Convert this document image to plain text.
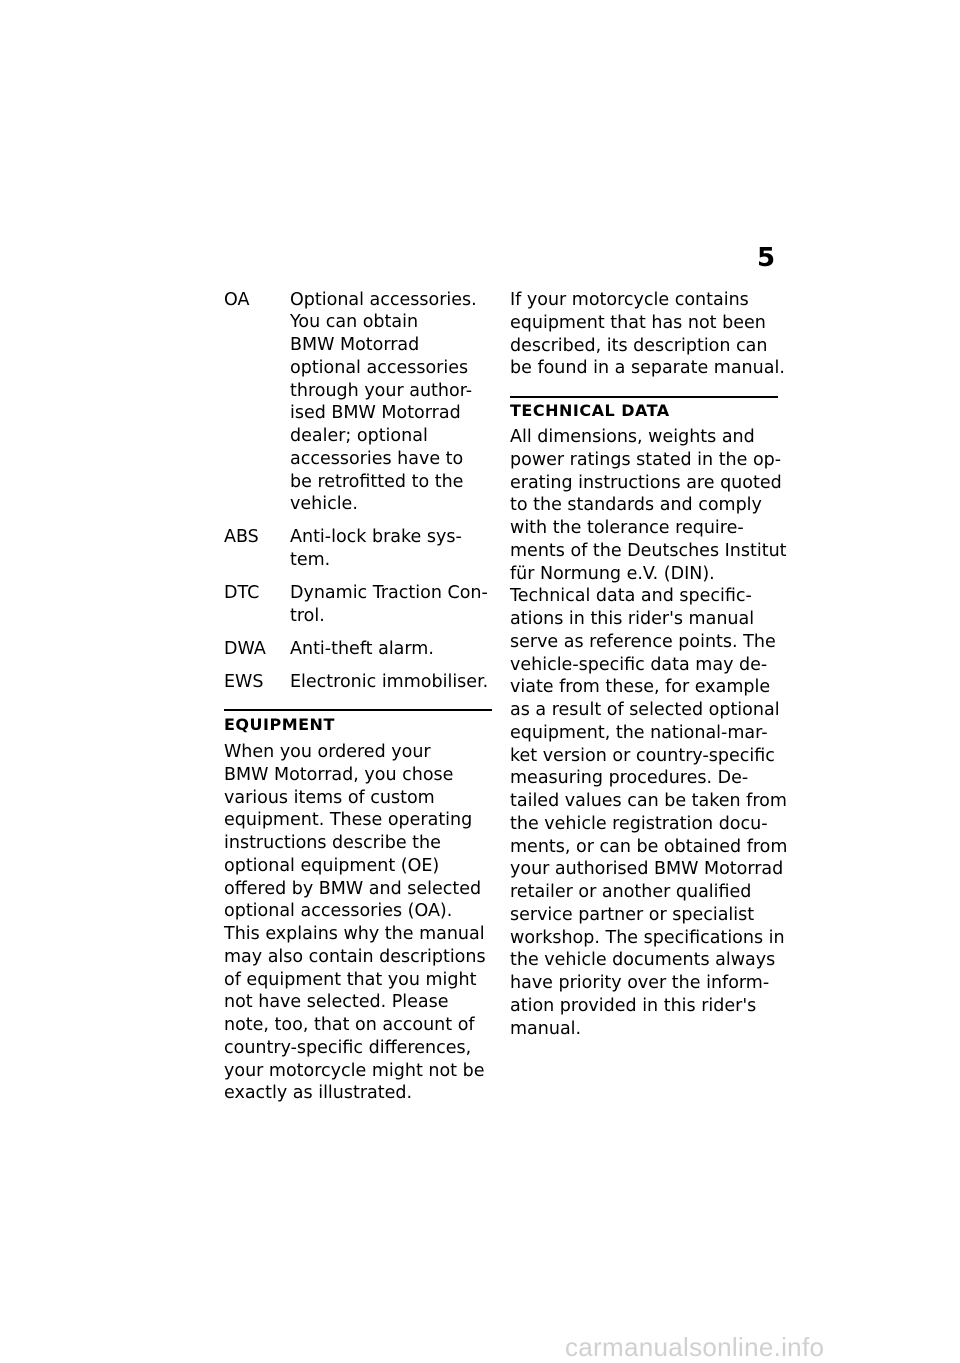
5
OA Optional accessories.
You can obtain
BMW Motorrad
optional accessories
through your author-
ised BMW Motorrad
dealer; optional
accessories have to
be retrofitted to the
vehicle.
ABS Anti-lock brake sys-
tem.
DTC Dynamic Traction Con-
trol.
DWA Anti-theft alarm.
EWS Electronic immobiliser.
EQUIPMENT
When you ordered your
BMW Motorrad, you chose
various items of custom
equipment. These operating
instructions describe the
optional equipment (OE)
offered by BMW and selected
optional accessories (OA).
This explains why the manual
may also contain descriptions
of equipment that you might
not have selected. Please
note, too, that on account of
country-specific differences,
your motorcycle might not be
exactly as illustrated.
If your motorcycle contains
equipment that has not been
described, its description can
be found in a separate manual.
TECHNICAL DATA
All dimensions, weights and
power ratings stated in the op-
erating instructions are quoted
to the standards and comply
with the tolerance require-
ments of the Deutsches Institut
für Normung e.V. (DIN).
Technical data and specific-
ations in this rider's manual
serve as reference points. The
vehicle-specific data may de-
viate from these, for example
as a result of selected optional
equipment, the national-mar-
ket version or country-specific
measuring procedures. De-
tailed values can be taken from
the vehicle registration docu-
ments, or can be obtained from
your authorised BMW Motorrad
retailer or another qualified
service partner or specialist
workshop. The specifications in
the vehicle documents always
have priority over the inform-
ation provided in this rider's
manual.
carmanualsonline.info
